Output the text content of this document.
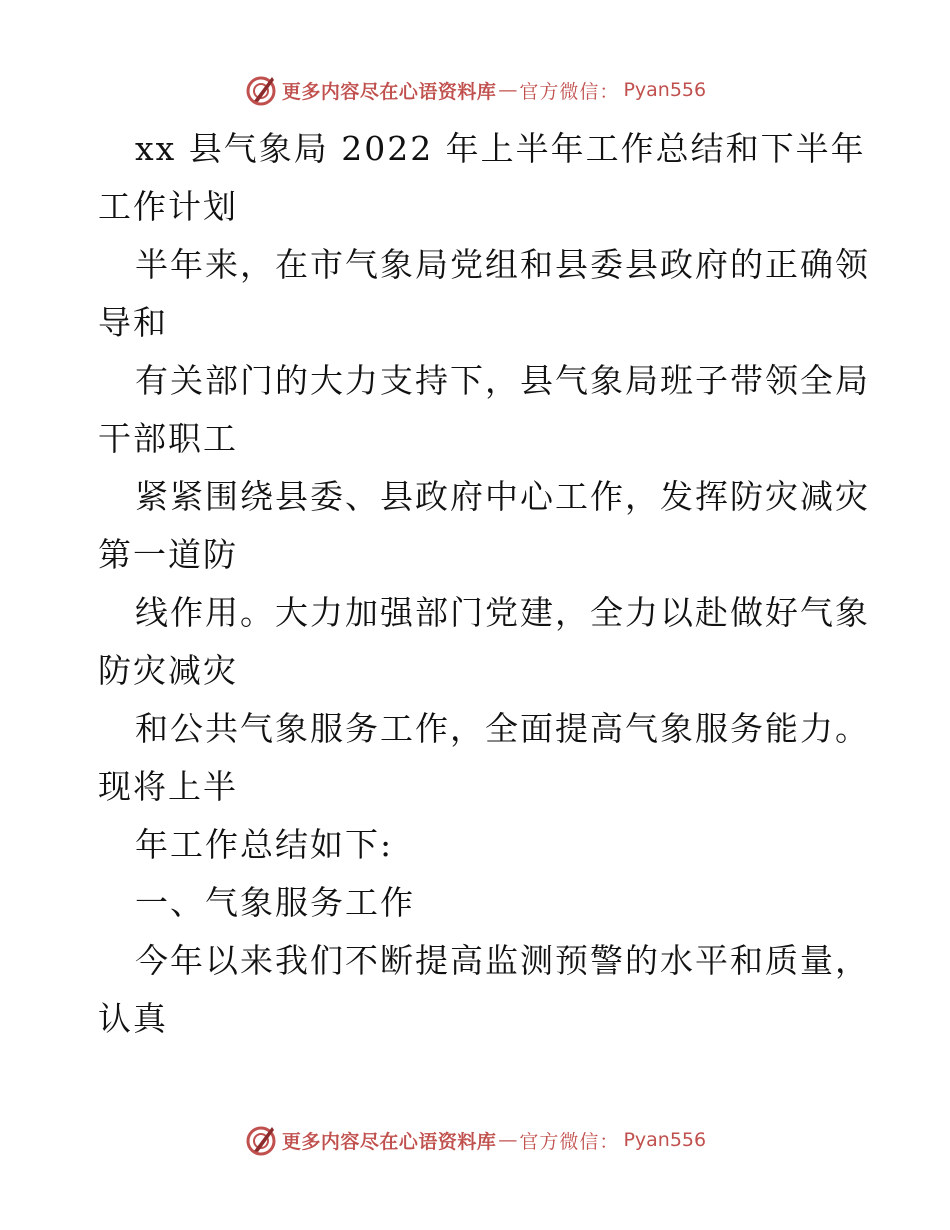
更多内容尽在心语资料库 — 官方微信： Pyan556
xx 县气象局 2022 年上半年工作总结和下半年
工作计划
半年来，在市气象局党组和县委县政府的正确领
导和
有关部门的大力支持下，县气象局班子带领全局
干部职工
紧紧围绕县委、县政府中心工作，发挥防灾减灾
第一道防
线作用。大力加强部门党建，全力以赴做好气象
防灾减灾
和公共气象服务工作，全面提高气象服务能力。
现将上半
年工作总结如下:
一、气象服务工作
今年以来我们不断提高监测预警的水平和质量，
认真
更多内容尽在心语资料库 — 官方微信： Pyan556
